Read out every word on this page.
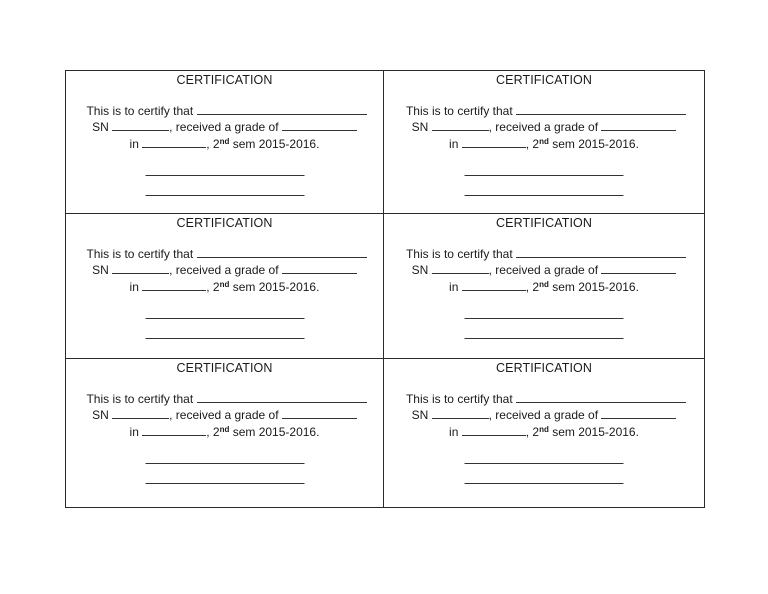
CERTIFICATION
This is to certify that
SN	, received a grade of
in	, 2nd sem 2015-2016.
CERTIFICATION
This is to certify that
SN	, received a grade of
in	, 2nd sem 2015-2016.
CERTIFICATION
This is to certify that
SN	, received a grade of
in	, 2nd sem 2015-2016.
CERTIFICATION
This is to certify that
SN	, received a grade of
in	, 2nd sem 2015-2016.
CERTIFICATION
This is to certify that
SN	, received a grade of
in	, 2nd sem 2015-2016.
CERTIFICATION
This is to certify that
SN	, received a grade of
in	, 2nd sem 2015-2016.
